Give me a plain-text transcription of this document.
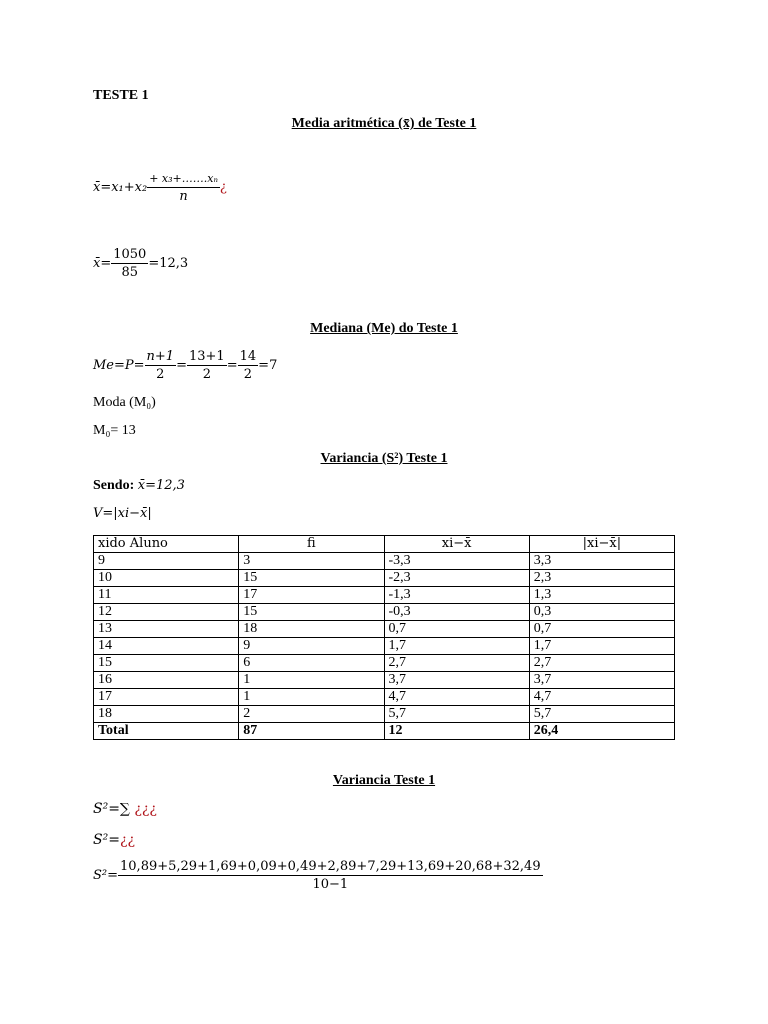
TESTE 1
Media aritmética (x̄) de Teste 1
x̄=x₁+x₂ $\frac{\text{+ x₃+…….xₙ}}{n}$ ¿
x̄= $\frac{1050}{85} =12,3$
Mediana (Me) do Teste 1
$Me=P= \frac{n+1}{2} = \frac{13+1}{2} = \frac{14}{2} =7$
Moda (M₀)
M₀= 13
Variancia (S²) Teste 1
Sendo: x̄=12,3
V=|xi−x̄|
xido Aluno	fi	xi−x̄	|xi−x̄|
9	3	-3,3	3,3
10	15	-2,3	2,3
11	17	-1,3	1,3
12	15	-0,3	0,3
13	18	0,7	0,7
14	9	1,7	1,7
15	6	2,7	2,7
16	1	3,7	3,7
17	1	4,7	4,7
18	2	5,7	5,7
Total	87	12	26,4
Variancia Teste 1
S²=∑ ¿¿¿
S²=¿¿
$S^2= \frac{10,89+5,29+1,69+0,09+0,49+2,89+7,29+13,69+20,68+32,49}{10-1}$
